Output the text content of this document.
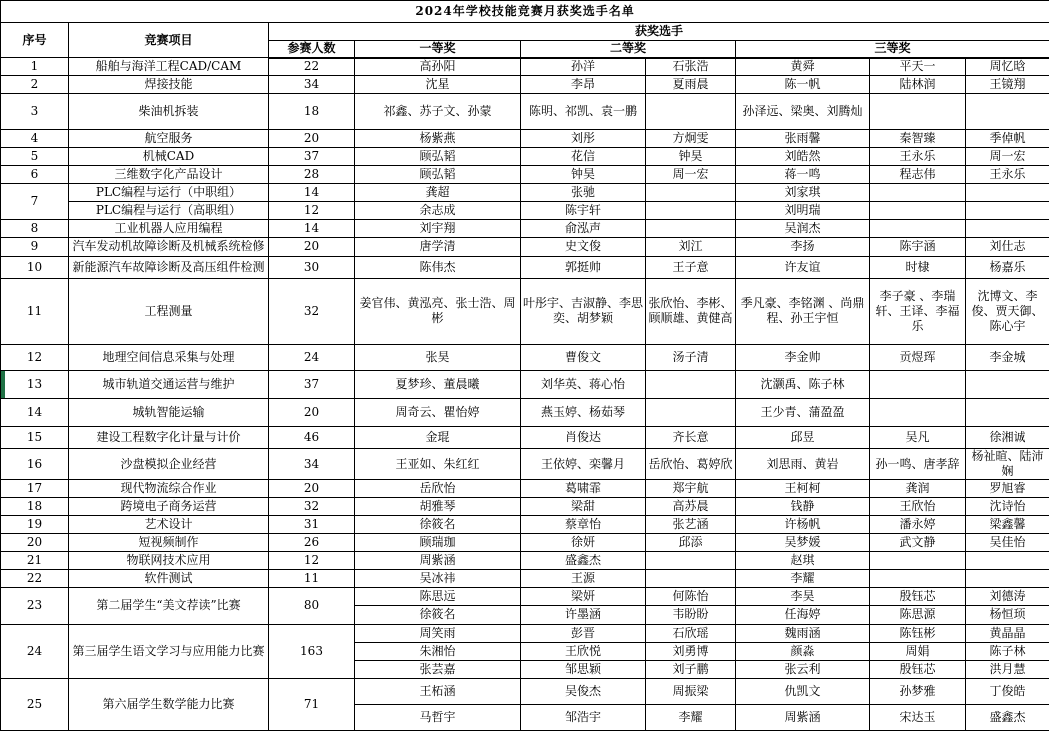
2024年学校技能竞赛月获奖选手名单								
序号	竞赛项目	获奖选手						
		参赛人数	一等奖	二等奖		三等奖		
1	船舶与海洋工程CAD/CAM	22	高孙阳	孙洋	石张浩	黄舜	平天一	周忆晗
2	焊接技能	34	沈星	李昂	夏雨晨	陈一帆	陆林润	王镜翔
3	柴油机拆装	18	祁鑫、苏子文、孙蒙	陈明、祁凯、袁一鹏		孙泽远、梁奥、刘腾灿		
4	航空服务	20	杨紫燕	刘彤	方炯雯	张雨馨	秦智臻	季倬帆
5	机械CAD	37	顾弘韬	花信	钟昊	刘皓然	王永乐	周一宏
6	三维数字化产品设计	28	顾弘韬	钟昊	周一宏	蒋一鸣	程志伟	王永乐
7	PLC编程与运行（中职组）	14	龚超	张驰		刘家琪		
	PLC编程与运行（高职组）	12	余志成	陈宇轩		刘明瑞		
8	工业机器人应用编程	14	刘宇翔	俞泓声		吴润杰		
9	汽车发动机故障诊断及机械系统检修	20	唐学清	史文俊	刘江	李扬	陈宇涵	刘仕志
10	新能源汽车故障诊断及高压组件检测	30	陈伟杰	郭挺帅	王子意	许友谊	时棣	杨嘉乐
11	工程测量	32	姜官伟、黄泓亮、张士浩、周彬	叶彤宇、吉淑静、李思奕、胡梦颖	张欣怡、李彬、顾顺雄、黄健高	季凡豪、李铭渊 、尚鼎程、孙王宇恒	李子豪 、李瑞轩、王译、李福乐	沈博文、李俊、贾天御、陈心宇
12	地理空间信息采集与处理	24	张昊	曹俊文	汤子清	李金帅	贡煜珲	李金城
13	城市轨道交通运营与维护	37	夏梦珍、董晨曦	刘华英、蒋心怡		沈灏禹、陈子林		
14	城轨智能运输	20	周奇云、瞿怡婷	燕玉婷、杨茹琴		王少青、蒲盈盈		
15	建设工程数字化计量与计价	46	金琨	肖俊达	齐长意	邱昱	吴凡	徐湘诚
16	沙盘模拟企业经营	34	王亚如、朱红红	王依婷、栾馨月	岳欣怡、葛婷欣	刘思雨、黄岩	孙一鸣、唐孝辞	杨祉暄、陆沛娴
17	现代物流综合作业	20	岳欣怡	葛啸霏	郑宇航	王柯柯	龚润	罗旭睿
18	跨境电子商务运营	32	胡雅琴	梁甜	高苏晨	钱静	王欣怡	沈诗怡
19	艺术设计	31	徐筱名	蔡章怡	张艺涵	许杨帆	潘永婷	梁鑫馨
20	短视频制作	26	顾瑞珈	徐妍	邱添	吴梦媛	武文静	吴佳怡
21	物联网技术应用	12	周紫涵	盛鑫杰		赵琪		
22	软件测试	11	吴冰祎	王源		李耀		
23	第二届学生“美文荐读”比赛	80	陈思远	梁妍	何陈怡	李昊	殷钰芯	刘德涛
			徐筱名	许墨涵	韦盼盼	任海婷	陈思源	杨恒顼
24	第三届学生语文学习与应用能力比赛	163	周笑雨	彭晋	石欣瑶	魏雨涵	陈钰彬	黄晶晶
			朱湘怡	王欣悦	刘勇博	颜淼	周娟	陈子林
			张芸嘉	邹思颖	刘子鹏	张云利	殷钰芯	洪月慧
25	第六届学生数学能力比赛	71	王柘涵	吴俊杰	周振梁	仇凯文	孙梦雅	丁俊皓
			马哲宇	邹浩宇	李耀	周紫涵	宋达玉	盛鑫杰
